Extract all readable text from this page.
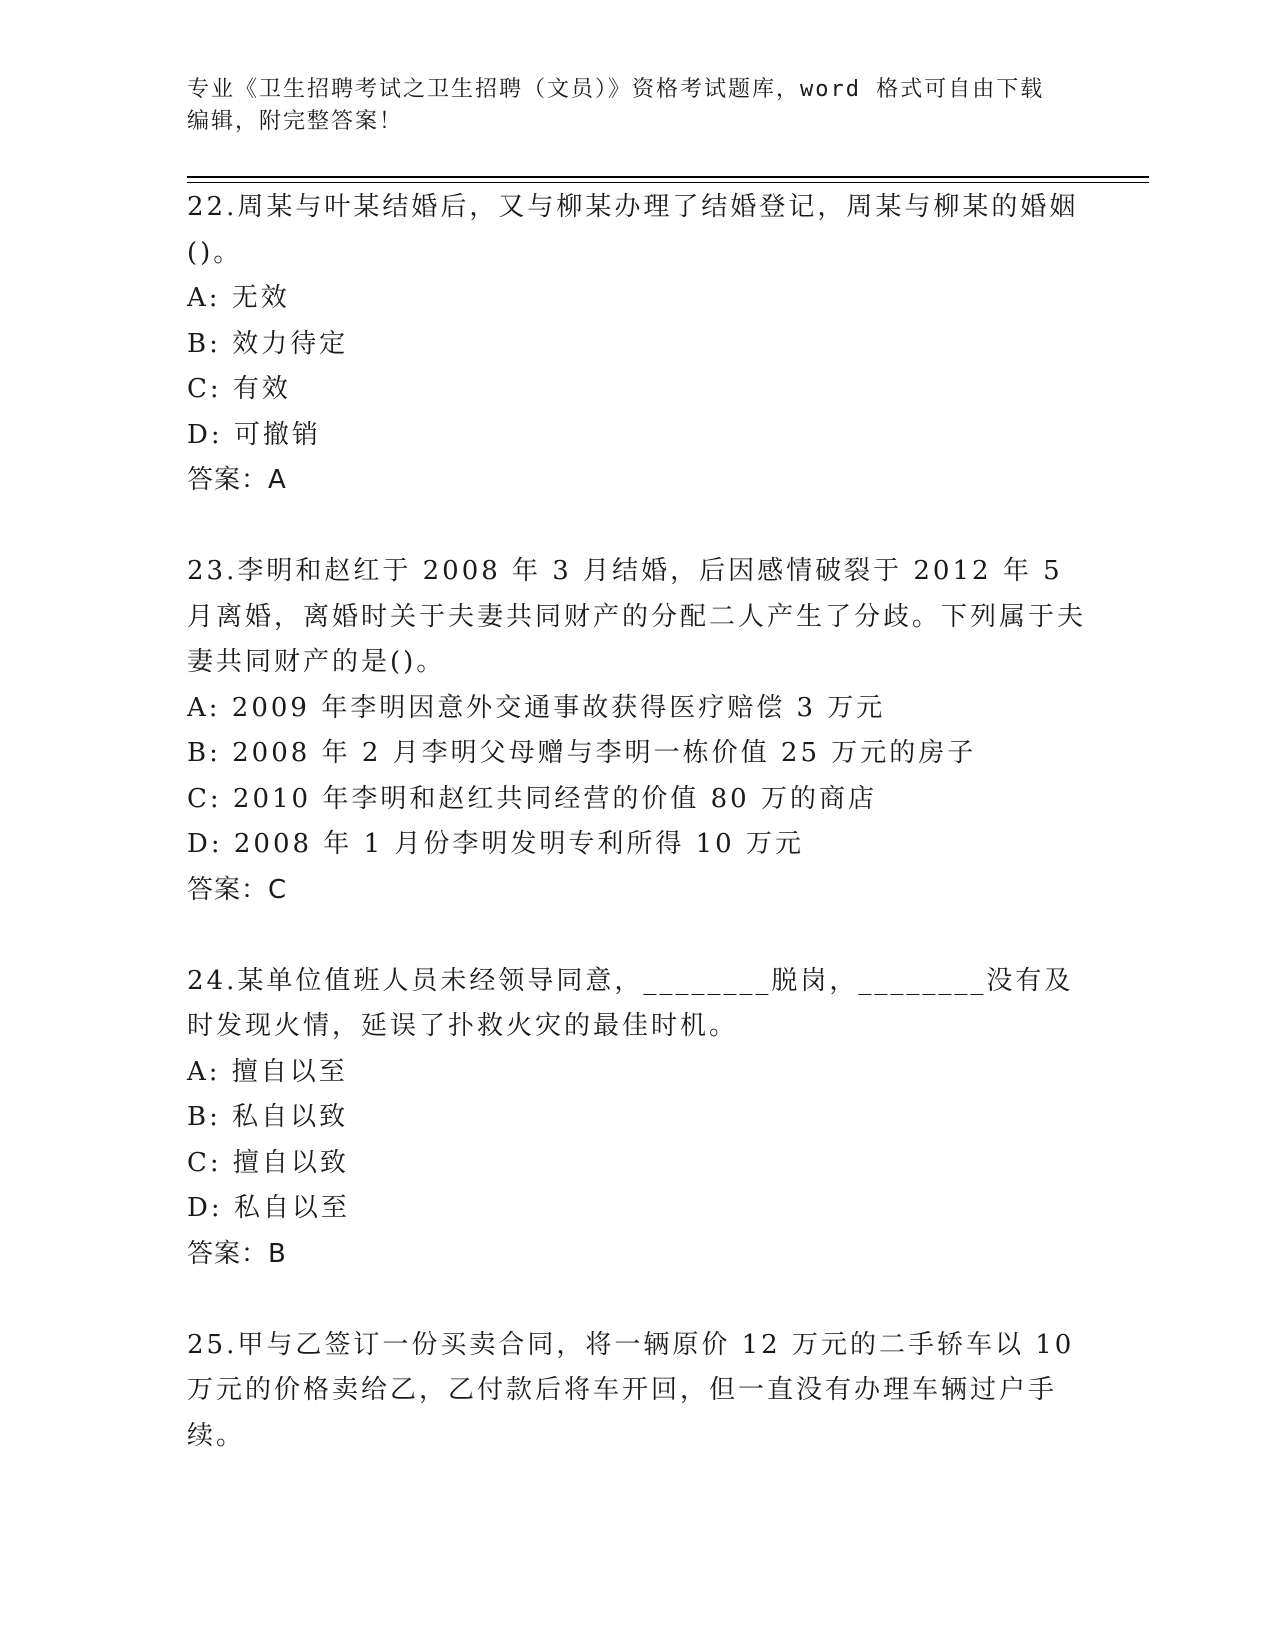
专业《卫生招聘考试之卫生招聘（文员）》资格考试题库，word 格式可自由下载
编辑，附完整答案！

22.周某与叶某结婚后，又与柳某办理了结婚登记，周某与柳某的婚姻()。

A: 无效

B: 效力待定

C: 有效

D: 可撤销

答案：A

23.李明和赵红于 2008 年 3 月结婚，后因感情破裂于 2012 年 5 月离婚，离婚时关于夫妻共同财产的分配二人产生了分歧。下列属于夫妻共同财产的是()。

A: 2009 年李明因意外交通事故获得医疗赔偿 3 万元

B: 2008 年 2 月李明父母赠与李明一栋价值 25 万元的房子

C: 2010 年李明和赵红共同经营的价值 80 万的商店

D: 2008 年 1 月份李明发明专利所得 10 万元

答案：C

24.某单位值班人员未经领导同意，________脱岗，________没有及时发现火情，延误了扑救火灾的最佳时机。

A: 擅自以至

B: 私自以致

C: 擅自以致

D: 私自以至

答案：B

25.甲与乙签订一份买卖合同，将一辆原价 12 万元的二手轿车以 10 万元的价格卖给乙，乙付款后将车开回，但一直没有办理车辆过户手续。
